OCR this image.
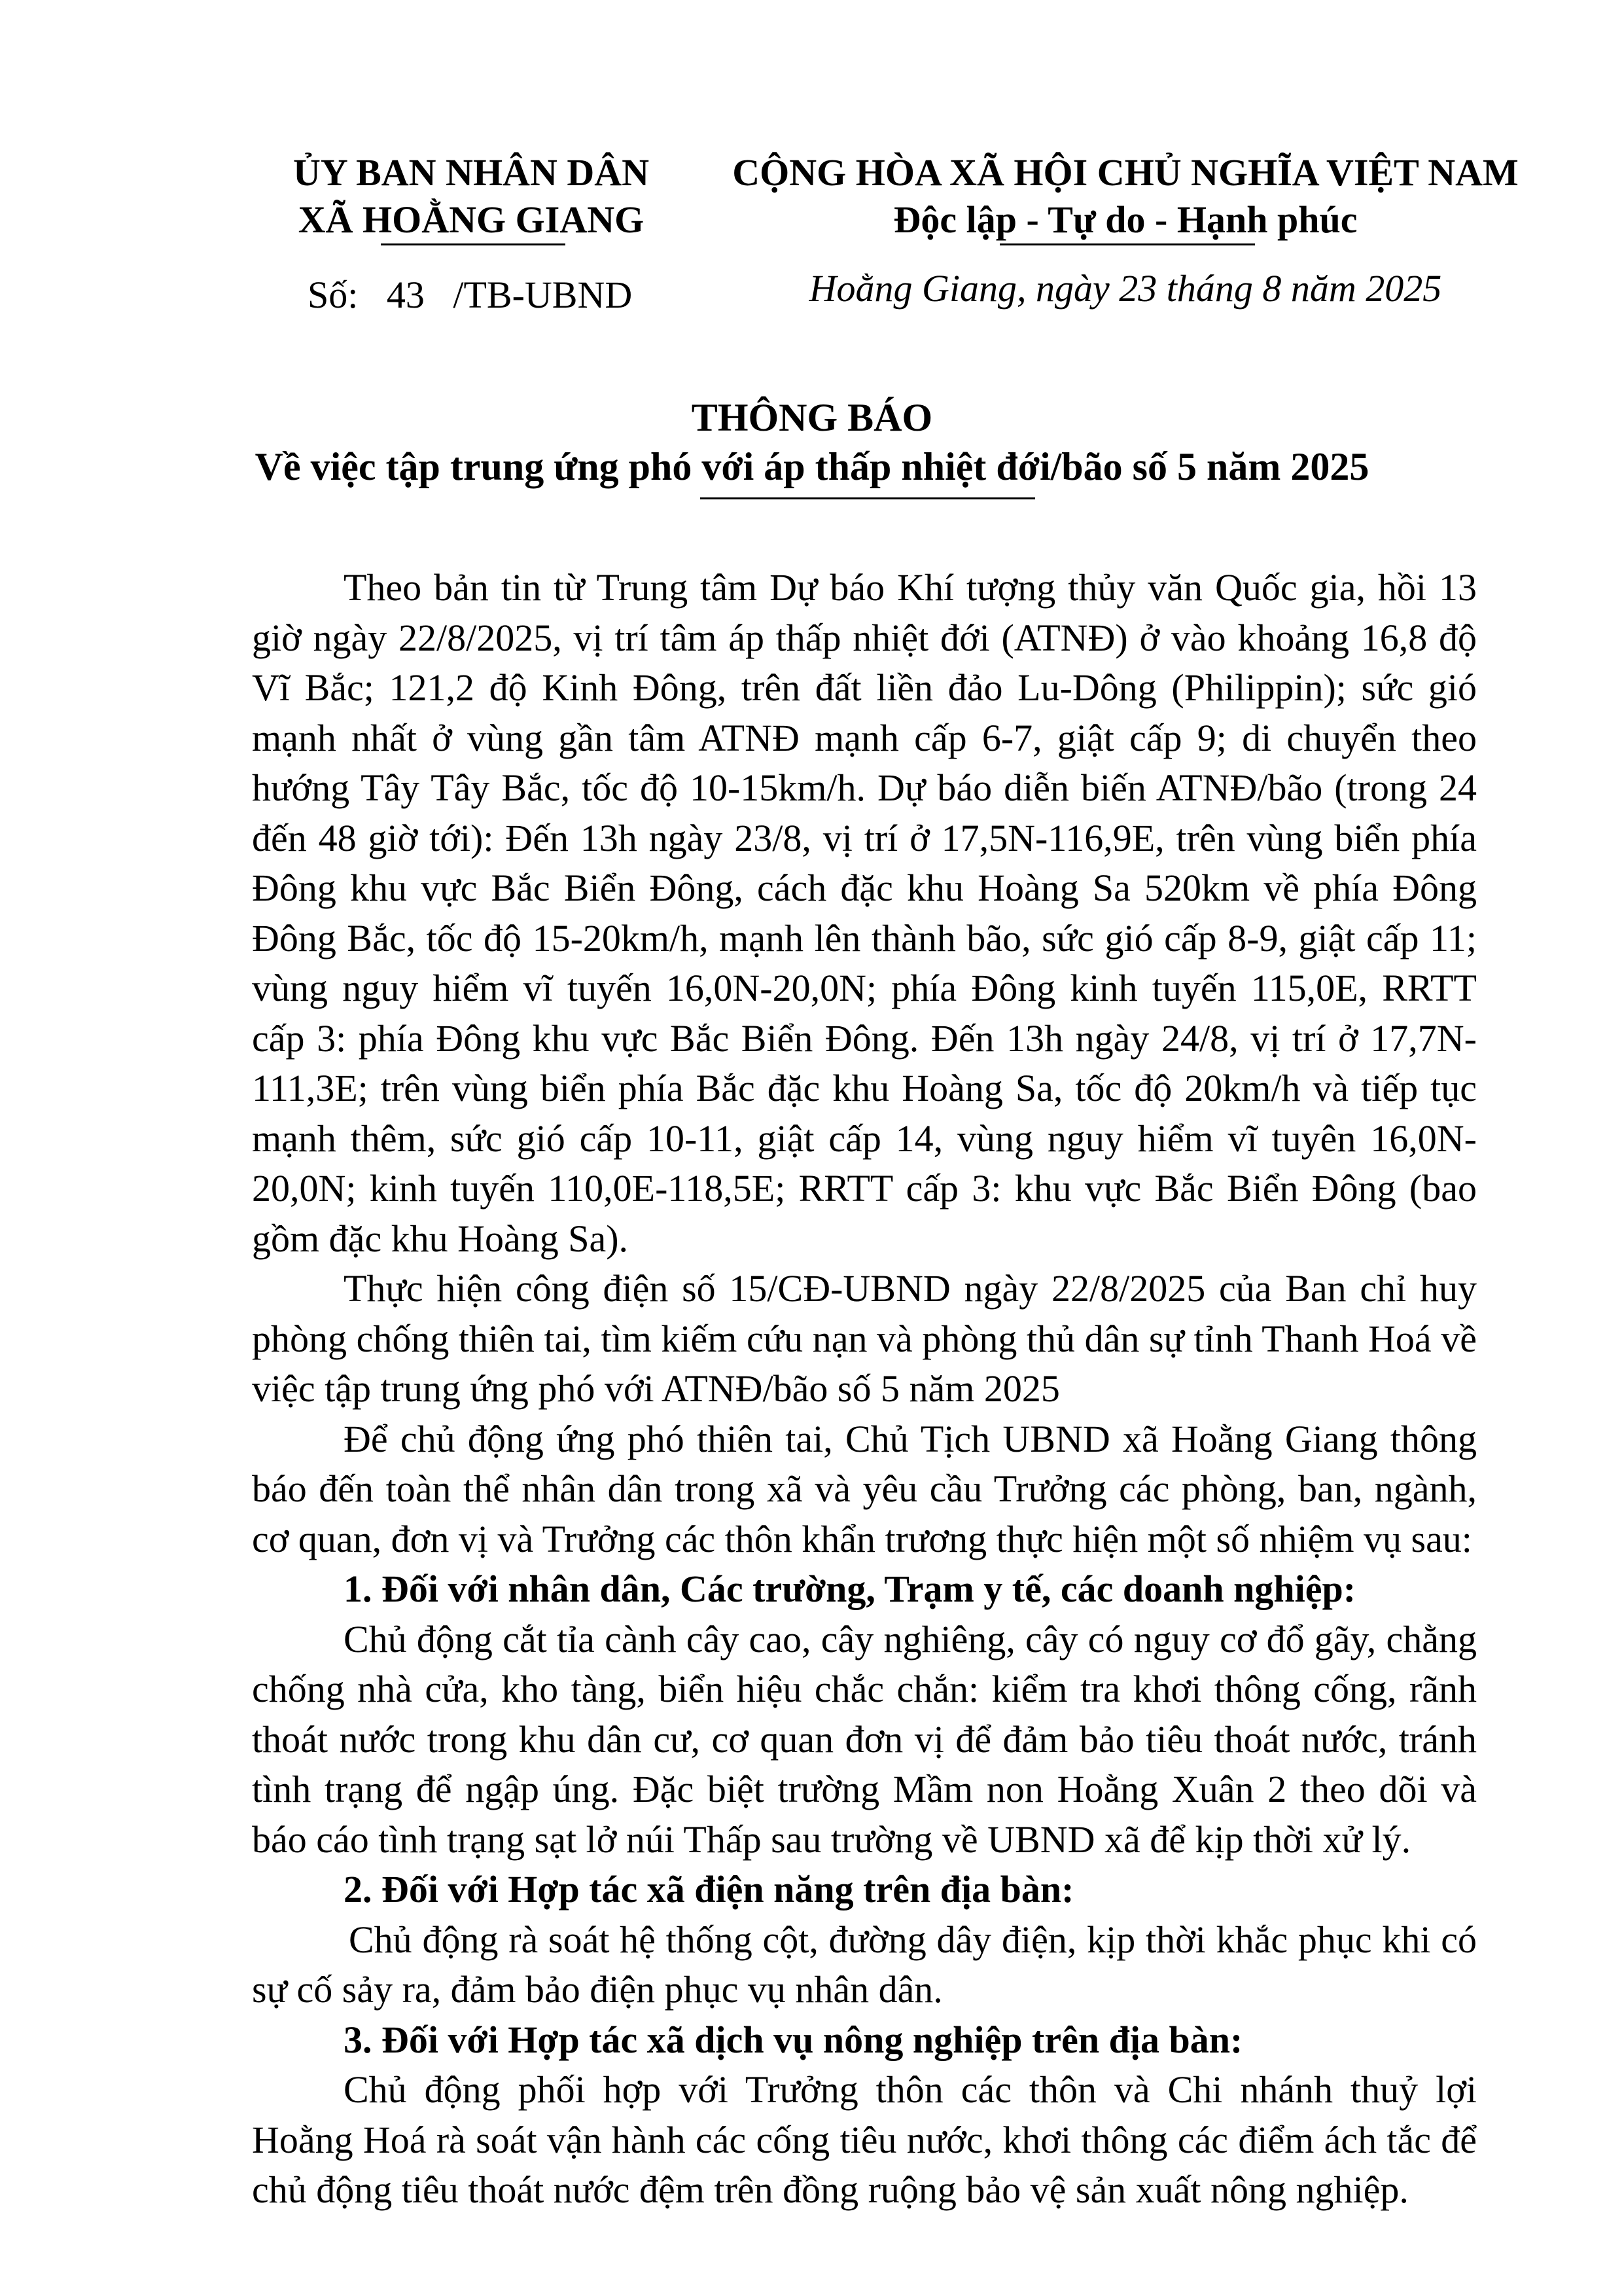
ỦY BAN NHÂN DÂN
XÃ HOẰNG GIANG
CỘNG HÒA XÃ HỘI CHỦ NGHĨA VIỆT NAM
Độc lập - Tự do - Hạnh phúc
Số:   43   /TB-UBND	Hoằng Giang, ngày 23 tháng 8 năm 2025
THÔNG BÁO
Về việc tập trung ứng phó với áp thấp nhiệt đới/bão số 5 năm 2025

Theo bản tin từ Trung tâm Dự báo Khí tượng thủy văn Quốc gia, hồi 13 giờ ngày 22/8/2025, vị trí tâm áp thấp nhiệt đới (ATNĐ) ở vào khoảng 16,8 độ Vĩ Bắc; 121,2 độ Kinh Đông, trên đất liền đảo Lu-Dông (Philippin); sức gió mạnh nhất ở vùng gần tâm ATNĐ mạnh cấp 6-7, giật cấp 9; di chuyển theo hướng Tây Tây Bắc, tốc độ 10-15km/h. Dự báo diễn biến ATNĐ/bão (trong 24 đến 48 giờ tới): Đến 13h ngày 23/8, vị trí ở 17,5N-116,9E, trên vùng biển phía Đông khu vực Bắc Biển Đông, cách đặc khu Hoàng Sa 520km về phía Đông Đông Bắc, tốc độ 15-20km/h, mạnh lên thành bão, sức gió cấp 8-9, giật cấp 11; vùng nguy hiểm vĩ tuyến 16,0N-20,0N; phía Đông kinh tuyến 115,0E, RRTT cấp 3: phía Đông khu vực Bắc Biển Đông. Đến 13h ngày 24/8, vị trí ở 17,7N-111,3E; trên vùng biển phía Bắc đặc khu Hoàng Sa, tốc độ 20km/h và tiếp tục mạnh thêm, sức gió cấp 10-11, giật cấp 14, vùng nguy hiểm vĩ tuyên 16,0N-20,0N; kinh tuyến 110,0E-118,5E; RRTT cấp 3: khu vực Bắc Biển Đông (bao gồm đặc khu Hoàng Sa).

Thực hiện công điện số 15/CĐ-UBND ngày 22/8/2025 của Ban chỉ huy phòng chống thiên tai, tìm kiếm cứu nạn và phòng thủ dân sự tỉnh Thanh Hoá về việc tập trung ứng phó với ATNĐ/bão số 5 năm 2025

Để chủ động ứng phó thiên tai, Chủ Tịch UBND xã Hoằng Giang thông báo đến toàn thể nhân dân trong xã và yêu cầu Trưởng các phòng, ban, ngành, cơ quan, đơn vị và Trưởng các thôn khẩn trương thực hiện một số nhiệm vụ sau:

1. Đối với nhân dân, Các trường, Trạm y tế, các doanh nghiệp:

Chủ động cắt tỉa cành cây cao, cây nghiêng, cây có nguy cơ đổ gãy, chằng chống nhà cửa, kho tàng, biển hiệu chắc chắn: kiểm tra khơi thông cống, rãnh thoát nước trong khu dân cư, cơ quan đơn vị để đảm bảo tiêu thoát nước, tránh tình trạng để ngập úng. Đặc biệt trường Mầm non Hoằng Xuân 2 theo dõi và báo cáo tình trạng sạt lở núi Thấp sau trường về UBND xã để kịp thời xử lý.

2. Đối với Hợp tác xã điện năng trên địa bàn:

Chủ động rà soát hệ thống cột, đường dây điện, kịp thời khắc phục khi có sự cố sảy ra, đảm bảo điện phục vụ nhân dân.

3. Đối với Hợp tác xã dịch vụ nông nghiệp trên địa bàn:

Chủ động phối hợp với Trưởng thôn các thôn và Chi nhánh thuỷ lợi Hoằng Hoá rà soát vận hành các cống tiêu nước, khơi thông các điểm ách tắc để chủ động tiêu thoát nước đệm trên đồng ruộng bảo vệ sản xuất nông nghiệp.
